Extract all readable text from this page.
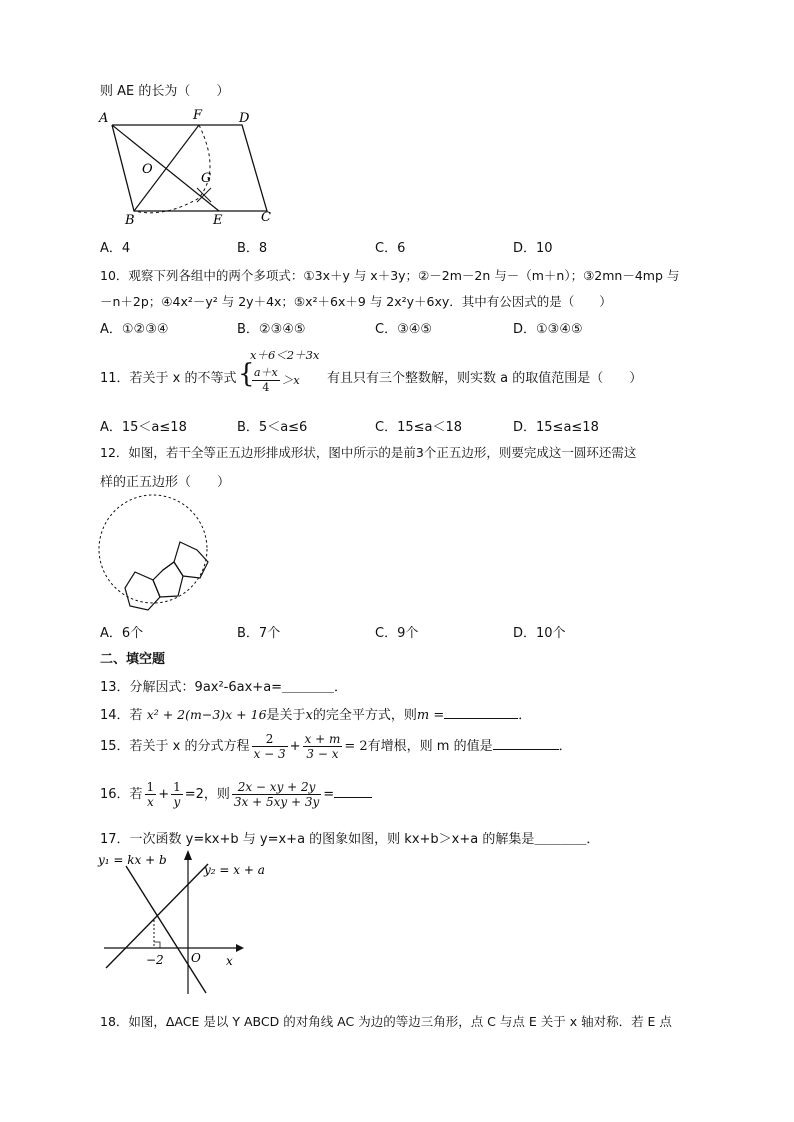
则 AE 的长为（　　）
A	F	D
O
G
B	E	C
A．4	B．8	C．6	D．10
10．观察下列各组中的两个多项式：①3x＋y 与 x＋3y；②－2m－2n 与－（m＋n）；③2mn－4mp 与
－n＋2p；④4x²－y² 与 2y＋4x；⑤x²＋6x＋9 与 2x²y＋6xy．其中有公因式的是（　　）
A．①②③④	B．②③④⑤	C．③④⑤	D．①③④⑤
11．若关于 x 的不等式 {
x＋6＜2＋3x
$\frac{a+x}{4} >x$ 有且只有三个整数解，则实数 a 的取值范围是（　　）
A．15＜a≤18	B．5＜a≤6	C．15≤a＜18	D．15≤a≤18
12．如图，若干全等正五边形排成形状，图中所示的是前3个正五边形，则要完成这一圆环还需这
样的正五边形（　　）
A．6个	B．7个	C．9个	D．10个
二、填空题
13．分解因式：9ax²-6ax+a=＿＿＿＿．
14．若 x² + 2(m−3)x + 16是关于x的完全平方式，则m =	．
15．若关于 x 的分式方程 $\frac{2}{x - 3} + \frac{x + m}{3 - x} = 2$有增根，则 m 的值是	．
16．若 $\frac{1}{x} + \frac{1}{y} =2$，则 $\frac{2x - xy + 2y}{3x + 5xy + 3y}$ =
17．一次函数 y=kx+b 与 y=x+a 的图象如图，则 kx+b＞x+a 的解集是＿＿＿＿．
y₁ = kx + b
y₂ = x + a
−2 O x
18．如图，ΔACE 是以 Y ABCD 的对角线 AC 为边的等边三角形，点 C 与点 E 关于 x 轴对称．若 E 点
